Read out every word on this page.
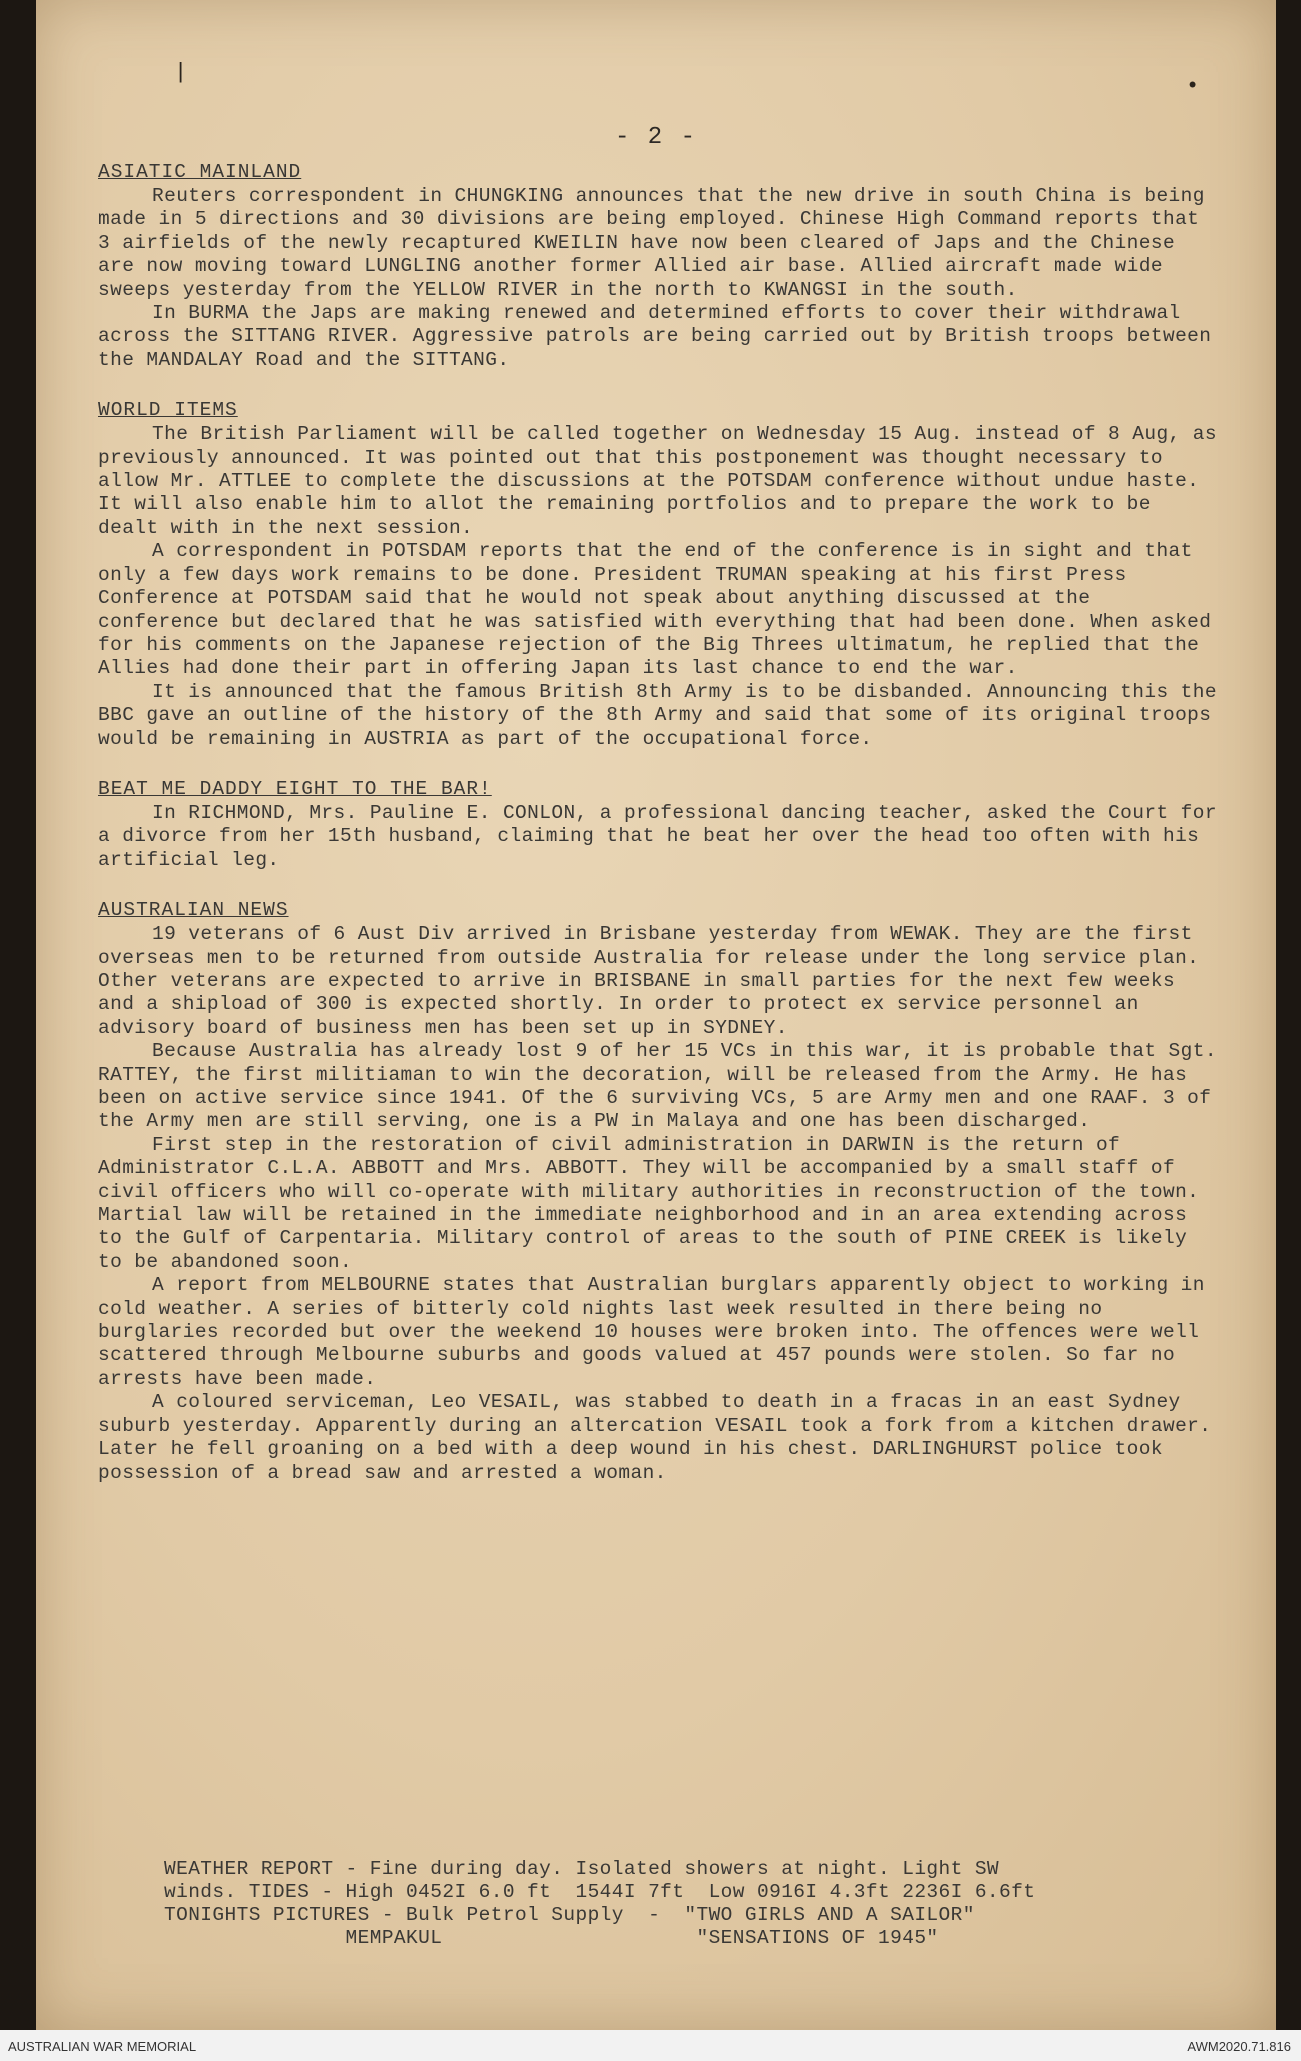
|
•
- 2 -
ASIATIC MAINLAND

Reuters correspondent in CHUNGKING announces that the new drive in south China is being made in 5 directions and 30 divisions are being employed. Chinese High Command reports that 3 airfields of the newly recaptured KWEILIN have now been cleared of Japs and the Chinese are now moving toward LUNGLING another former Allied air base. Allied aircraft made wide sweeps yesterday from the YELLOW RIVER in the north to KWANGSI in the south.

In BURMA the Japs are making renewed and determined efforts to cover their withdrawal across the SITTANG RIVER. Aggressive patrols are being carried out by British troops between the MANDALAY Road and the SITTANG.

WORLD ITEMS

The British Parliament will be called together on Wednesday 15 Aug. instead of 8 Aug, as previously announced. It was pointed out that this postponement was thought necessary to allow Mr. ATTLEE to complete the discussions at the POTSDAM conference without undue haste. It will also enable him to allot the remaining portfolios and to prepare the work to be dealt with in the next session.

A correspondent in POTSDAM reports that the end of the conference is in sight and that only a few days work remains to be done. President TRUMAN speaking at his first Press Conference at POTSDAM said that he would not speak about anything discussed at the conference but declared that he was satisfied with everything that had been done. When asked for his comments on the Japanese rejection of the Big Threes ultimatum, he replied that the Allies had done their part in offering Japan its last chance to end the war.

It is announced that the famous British 8th Army is to be disbanded. Announcing this the BBC gave an outline of the history of the 8th Army and said that some of its original troops would be remaining in AUSTRIA as part of the occupational force.

BEAT ME DADDY EIGHT TO THE BAR!

In RICHMOND, Mrs. Pauline E. CONLON, a professional dancing teacher, asked the Court for a divorce from her 15th husband, claiming that he beat her over the head too often with his artificial leg.

AUSTRALIAN NEWS

19 veterans of 6 Aust Div arrived in Brisbane yesterday from WEWAK. They are the first overseas men to be returned from outside Australia for release under the long service plan. Other veterans are expected to arrive in BRISBANE in small parties for the next few weeks and a shipload of 300 is expected shortly. In order to protect ex service personnel an advisory board of business men has been set up in SYDNEY.

Because Australia has already lost 9 of her 15 VCs in this war, it is probable that Sgt. RATTEY, the first militiaman to win the decoration, will be released from the Army. He has been on active service since 1941. Of the 6 surviving VCs, 5 are Army men and one RAAF. 3 of the Army men are still serving, one is a PW in Malaya and one has been discharged.

First step in the restoration of civil administration in DARWIN is the return of Administrator C.L.A. ABBOTT and Mrs. ABBOTT. They will be accompanied by a small staff of civil officers who will co-operate with military authorities in reconstruction of the town. Martial law will be retained in the immediate neighborhood and in an area extending across to the Gulf of Carpentaria. Military control of areas to the south of PINE CREEK is likely to be abandoned soon.

A report from MELBOURNE states that Australian burglars apparently object to working in cold weather. A series of bitterly cold nights last week resulted in there being no burglaries recorded but over the weekend 10 houses were broken into. The offences were well scattered through Melbourne suburbs and goods valued at 457 pounds were stolen. So far no arrests have been made.

A coloured serviceman, Leo VESAIL, was stabbed to death in a fracas in an east Sydney suburb yesterday. Apparently during an altercation VESAIL took a fork from a kitchen drawer. Later he fell groaning on a bed with a deep wound in his chest. DARLINGHURST police took possession of a bread saw and arrested a woman.

WEATHER REPORT - Fine during day. Isolated showers at night. Light SW

winds. TIDES - High 0452I 6.0 ft  1544I 7ft  Low 0916I 4.3ft 2236I 6.6ft

TONIGHTS PICTURES - Bulk Petrol Supply  -  "TWO GIRLS AND A SAILOR"

MEMPAKUL                     "SENSATIONS OF 1945"

AUSTRALIAN WAR MEMORIAL	AWM2020.71.816
